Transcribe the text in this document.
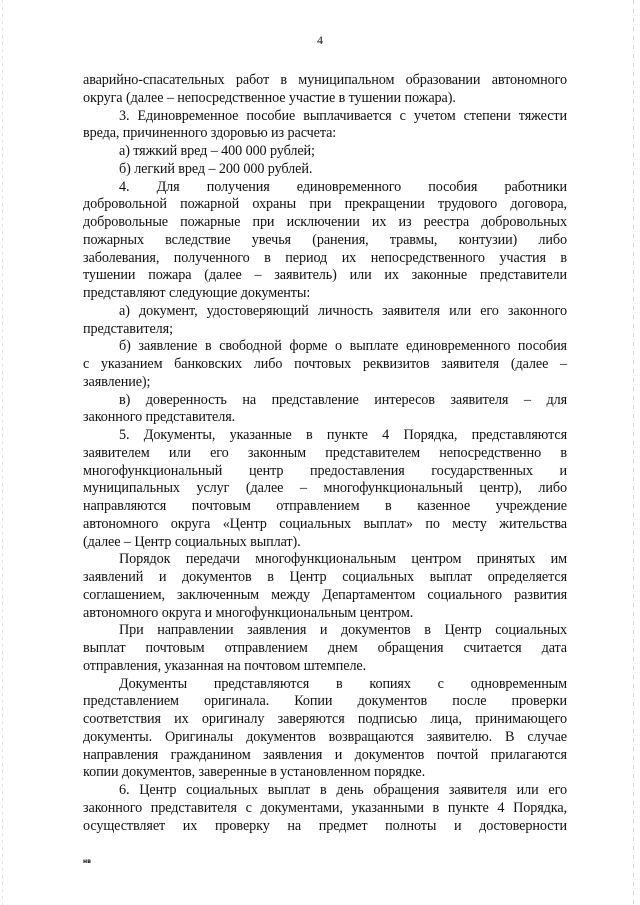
4
аварийно-спасательных работ в муниципальном образовании автономного
округа (далее – непосредственное участие в тушении пожара).
3. Единовременное пособие выплачивается с учетом степени тяжести
вреда, причиненного здоровью из расчета:
а) тяжкий вред – 400 000 рублей;
б) легкий вред – 200 000 рублей.
4. Для получения единовременного пособия работники
добровольной пожарной охраны при прекращении трудового договора,
добровольные пожарные при исключении их из реестра добровольных
пожарных вследствие увечья (ранения, травмы, контузии) либо
заболевания, полученного в период их непосредственного участия в
тушении пожара (далее – заявитель) или их законные представители
представляют следующие документы:
а) документ, удостоверяющий личность заявителя или его законного
представителя;
б) заявление в свободной форме о выплате единовременного пособия
с указанием банковских либо почтовых реквизитов заявителя (далее –
заявление);
в) доверенность на представление интересов заявителя – для
законного представителя.
5. Документы, указанные в пункте 4 Порядка, представляются
заявителем или его законным представителем непосредственно в
многофункциональный центр предоставления государственных и
муниципальных услуг (далее – многофункциональный центр), либо
направляются почтовым отправлением в казенное учреждение
автономного округа «Центр социальных выплат» по месту жительства
(далее – Центр социальных выплат).
Порядок передачи многофункциональным центром принятых им
заявлений и документов в Центр социальных выплат определяется
соглашением, заключенным между Департаментом социального развития
автономного округа и многофункциональным центром.
При направлении заявления и документов в Центр социальных
выплат почтовым отправлением днем обращения считается дата
отправления, указанная на почтовом штемпеле.
Документы представляются в копиях с одновременным
представлением оригинала. Копии документов после проверки
соответствия их оригиналу заверяются подписью лица, принимающего
документы. Оригиналы документов возвращаются заявителю. В случае
направления гражданином заявления и документов почтой прилагаются
копии документов, заверенные в установленном порядке.
6. Центр социальных выплат в день обращения заявителя или его
законного представителя с документами, указанными в пункте 4 Порядка,
осуществляет их проверку на предмет полноты и достоверности
нв
